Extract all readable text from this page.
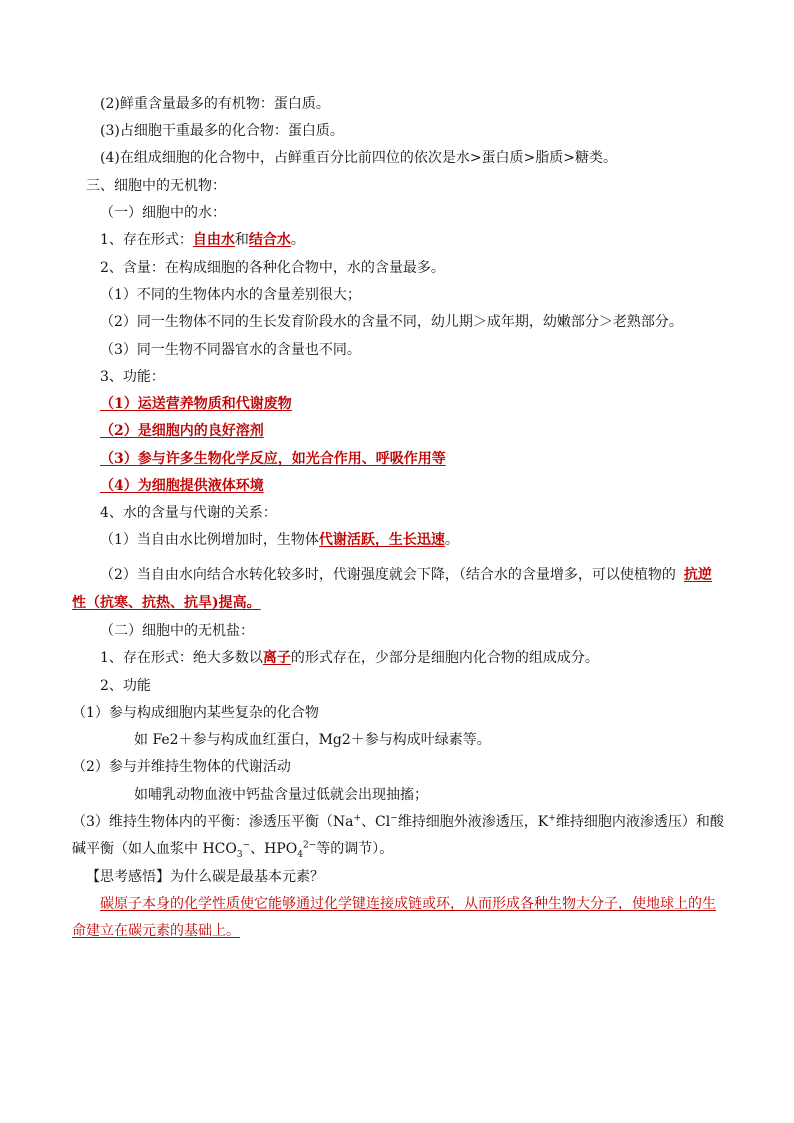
(2)鲜重含量最多的有机物：蛋白质。
(3)占细胞干重最多的化合物：蛋白质。
(4)在组成细胞的化合物中，占鲜重百分比前四位的依次是水>蛋白质>脂质>糖类。
三、细胞中的无机物：
（一）细胞中的水：
1、存在形式：自由水和结合水。
2、含量：在构成细胞的各种化合物中，水的含量最多。
（1）不同的生物体内水的含量差别很大；
（2）同一生物体不同的生长发育阶段水的含量不同，幼儿期＞成年期，幼嫩部分＞老熟部分。
（3）同一生物不同器官水的含量也不同。
3、功能：
（1）运送营养物质和代谢废物
（2）是细胞内的良好溶剂
（3）参与许多生物化学反应，如光合作用、呼吸作用等
（4）为细胞提供液体环境
4、水的含量与代谢的关系：
（1）当自由水比例增加时，生物体代谢活跃，生长迅速。
（2）当自由水向结合水转化较多时，代谢强度就会下降，（结合水的含量增多，可以使植物的 抗逆
性（抗寒、抗热、抗旱)提高。
（二）细胞中的无机盐：
1、存在形式：绝大多数以离子的形式存在，少部分是细胞内化合物的组成成分。
2、功能
（1）参与构成细胞内某些复杂的化合物
如 Fe2＋参与构成血红蛋白，Mg2＋参与构成叶绿素等。
（2）参与并维持生物体的代谢活动
如哺乳动物血液中钙盐含量过低就会出现抽搐；
（3）维持生物体内的平衡：渗透压平衡（Na+、Cl−维持细胞外液渗透压，K+维持细胞内液渗透压）和酸
碱平衡（如人血浆中 $HCO_3^-$、$HPO_4^{2-}$等的调节）。
【思考感悟】为什么碳是最基本元素？
碳原子本身的化学性质使它能够通过化学键连接成链或环，从而形成各种生物大分子，使地球上的生
命建立在碳元素的基础上。
